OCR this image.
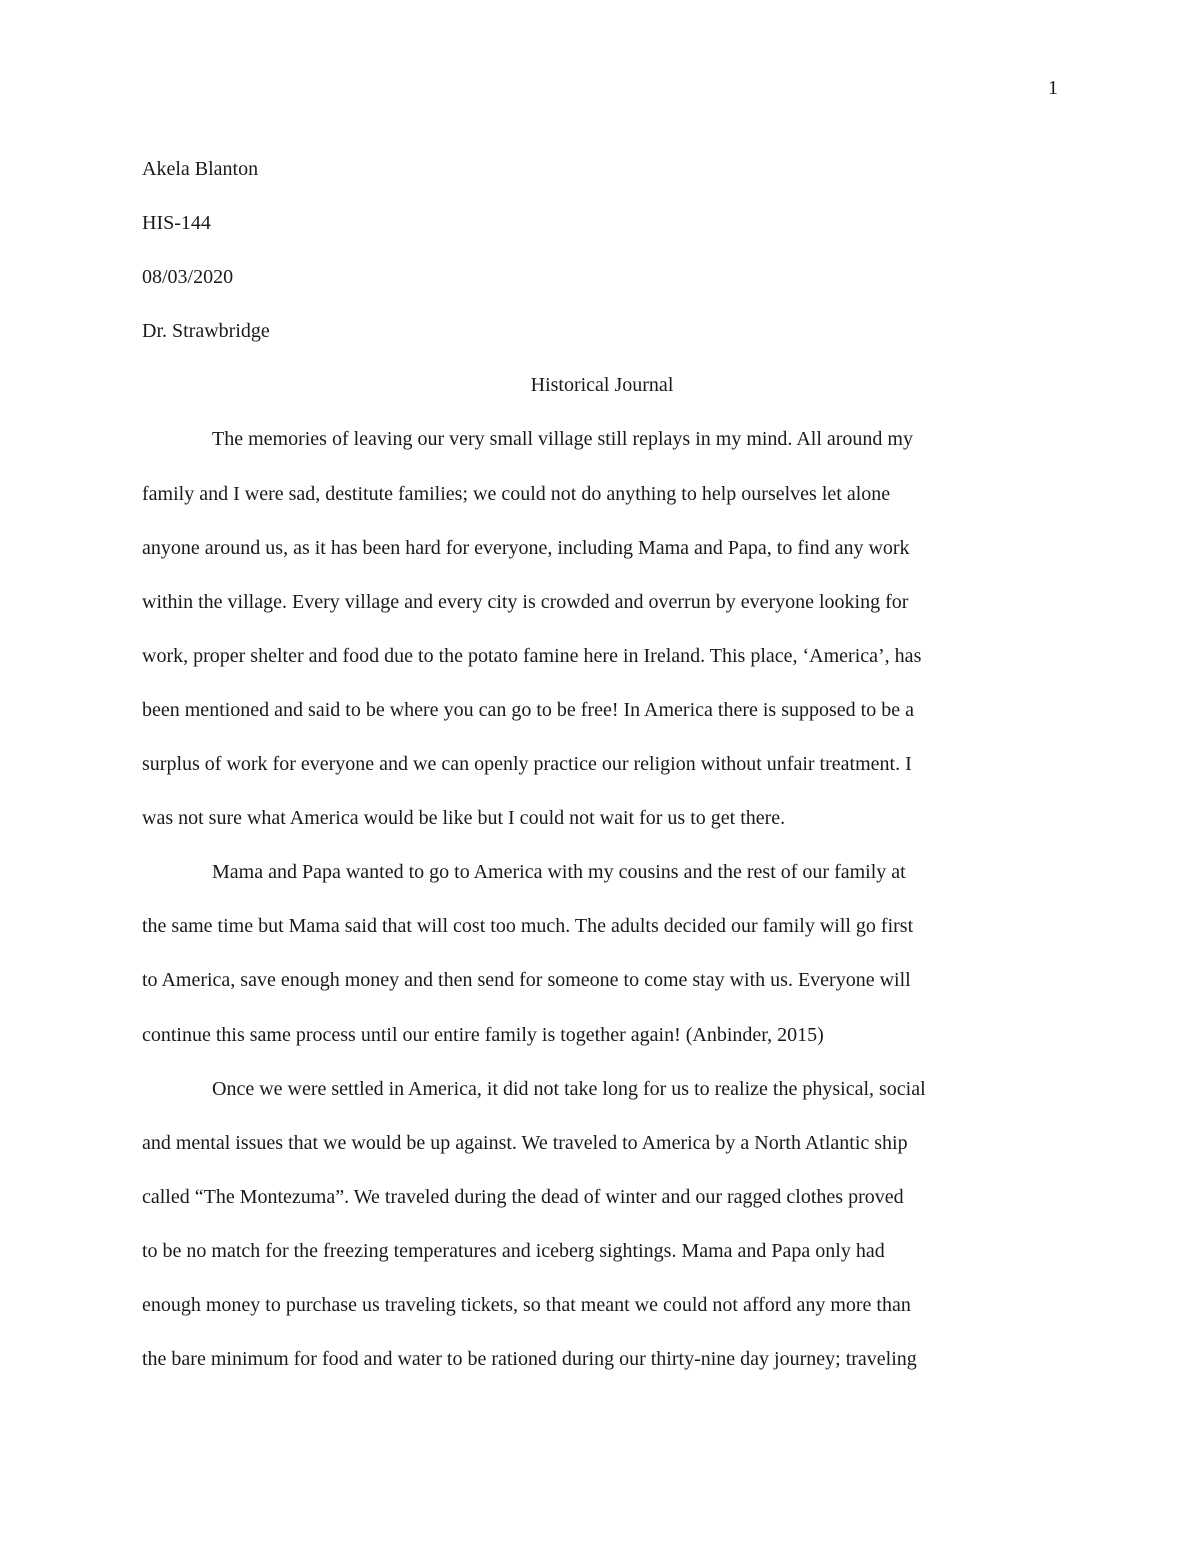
1

Akela Blanton

HIS-144

08/03/2020

Dr. Strawbridge

Historical Journal

The memories of leaving our very small village still replays in my mind. All around my
family and I were sad, destitute families; we could not do anything to help ourselves let alone
anyone around us, as it has been hard for everyone, including Mama and Papa, to find any work
within the village. Every village and every city is crowded and overrun by everyone looking for
work, proper shelter and food due to the potato famine here in Ireland. This place, ‘America’, has
been mentioned and said to be where you can go to be free! In America there is supposed to be a
surplus of work for everyone and we can openly practice our religion without unfair treatment. I
was not sure what America would be like but I could not wait for us to get there.
Mama and Papa wanted to go to America with my cousins and the rest of our family at
the same time but Mama said that will cost too much. The adults decided our family will go first
to America, save enough money and then send for someone to come stay with us. Everyone will
continue this same process until our entire family is together again! (Anbinder, 2015)
Once we were settled in America, it did not take long for us to realize the physical, social
and mental issues that we would be up against. We traveled to America by a North Atlantic ship
called “The Montezuma”. We traveled during the dead of winter and our ragged clothes proved
to be no match for the freezing temperatures and iceberg sightings. Mama and Papa only had
enough money to purchase us traveling tickets, so that meant we could not afford any more than
the bare minimum for food and water to be rationed during our thirty-nine day journey; traveling
